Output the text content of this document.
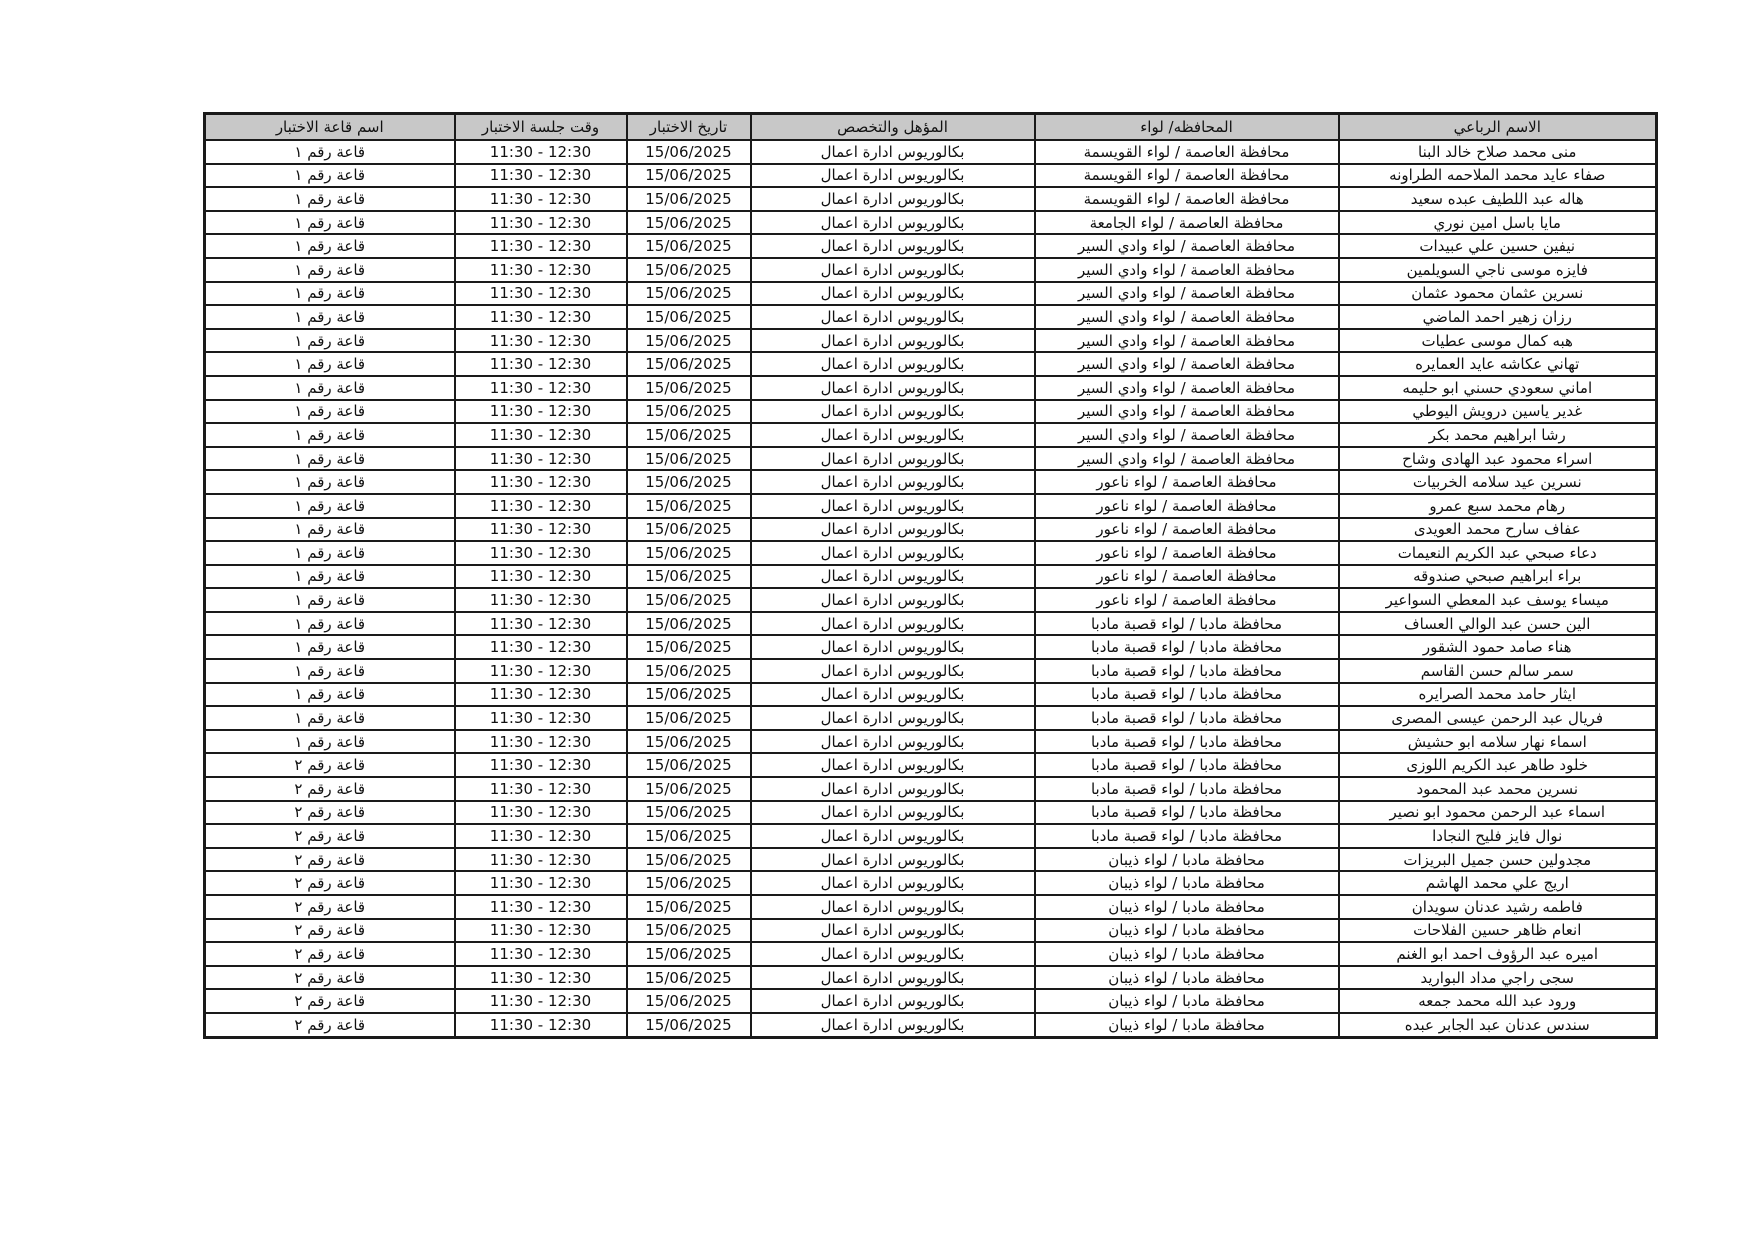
الاسم الرباعي	المحافظه/ لواء	المؤهل والتخصص	تاريخ الاختبار	وقت جلسة الاختبار	اسم قاعة الاختبار
منى محمد صلاح خالد البنا	محافظة العاصمة / لواء القويسمة	بكالوريوس ادارة اعمال	15/06/2025	11:30 - 12:30	قاعة رقم ١
صفاء عايد محمد الملاحمه الطراونه	محافظة العاصمة / لواء القويسمة	بكالوريوس ادارة اعمال	15/06/2025	11:30 - 12:30	قاعة رقم ١
هاله عبد اللطيف عبده سعيد	محافظة العاصمة / لواء القويسمة	بكالوريوس ادارة اعمال	15/06/2025	11:30 - 12:30	قاعة رقم ١
مايا باسل امين نوري	محافظة العاصمة / لواء الجامعة	بكالوريوس ادارة اعمال	15/06/2025	11:30 - 12:30	قاعة رقم ١
نيفين حسين علي عبيدات	محافظة العاصمة / لواء وادي السير	بكالوريوس ادارة اعمال	15/06/2025	11:30 - 12:30	قاعة رقم ١
فايزه موسى ناجي السويلمين	محافظة العاصمة / لواء وادي السير	بكالوريوس ادارة اعمال	15/06/2025	11:30 - 12:30	قاعة رقم ١
نسرين عثمان محمود عثمان	محافظة العاصمة / لواء وادي السير	بكالوريوس ادارة اعمال	15/06/2025	11:30 - 12:30	قاعة رقم ١
رزان زهير احمد الماضي	محافظة العاصمة / لواء وادي السير	بكالوريوس ادارة اعمال	15/06/2025	11:30 - 12:30	قاعة رقم ١
هبه كمال موسى عطيات	محافظة العاصمة / لواء وادي السير	بكالوريوس ادارة اعمال	15/06/2025	11:30 - 12:30	قاعة رقم ١
تهاني عكاشه عايد العمايره	محافظة العاصمة / لواء وادي السير	بكالوريوس ادارة اعمال	15/06/2025	11:30 - 12:30	قاعة رقم ١
اماني سعودي حسني ابو حليمه	محافظة العاصمة / لواء وادي السير	بكالوريوس ادارة اعمال	15/06/2025	11:30 - 12:30	قاعة رقم ١
غدير ياسين درويش اليوطي	محافظة العاصمة / لواء وادي السير	بكالوريوس ادارة اعمال	15/06/2025	11:30 - 12:30	قاعة رقم ١
رشا ابراهيم محمد بكر	محافظة العاصمة / لواء وادي السير	بكالوريوس ادارة اعمال	15/06/2025	11:30 - 12:30	قاعة رقم ١
اسراء محمود عبد الهادى وشاح	محافظة العاصمة / لواء وادي السير	بكالوريوس ادارة اعمال	15/06/2025	11:30 - 12:30	قاعة رقم ١
نسرين عيد سلامه الخربيات	محافظة العاصمة / لواء ناعور	بكالوريوس ادارة اعمال	15/06/2025	11:30 - 12:30	قاعة رقم ١
رهام محمد سبع عمرو	محافظة العاصمة / لواء ناعور	بكالوريوس ادارة اعمال	15/06/2025	11:30 - 12:30	قاعة رقم ١
عفاف سارح محمد العويدى	محافظة العاصمة / لواء ناعور	بكالوريوس ادارة اعمال	15/06/2025	11:30 - 12:30	قاعة رقم ١
دعاء صبحي عبد الكريم النعيمات	محافظة العاصمة / لواء ناعور	بكالوريوس ادارة اعمال	15/06/2025	11:30 - 12:30	قاعة رقم ١
براء ابراهيم صبحي صندوقه	محافظة العاصمة / لواء ناعور	بكالوريوس ادارة اعمال	15/06/2025	11:30 - 12:30	قاعة رقم ١
ميساء يوسف عبد المعطي السواعير	محافظة العاصمة / لواء ناعور	بكالوريوس ادارة اعمال	15/06/2025	11:30 - 12:30	قاعة رقم ١
الين حسن عبد الوالي العساف	محافظة مادبا / لواء قصبة مادبا	بكالوريوس ادارة اعمال	15/06/2025	11:30 - 12:30	قاعة رقم ١
هناء صامد حمود الشقور	محافظة مادبا / لواء قصبة مادبا	بكالوريوس ادارة اعمال	15/06/2025	11:30 - 12:30	قاعة رقم ١
سمر سالم حسن القاسم	محافظة مادبا / لواء قصبة مادبا	بكالوريوس ادارة اعمال	15/06/2025	11:30 - 12:30	قاعة رقم ١
ايثار حامد محمد الصرايره	محافظة مادبا / لواء قصبة مادبا	بكالوريوس ادارة اعمال	15/06/2025	11:30 - 12:30	قاعة رقم ١
فريال عبد الرحمن عيسى المصرى	محافظة مادبا / لواء قصبة مادبا	بكالوريوس ادارة اعمال	15/06/2025	11:30 - 12:30	قاعة رقم ١
اسماء نهار سلامه ابو حشيش	محافظة مادبا / لواء قصبة مادبا	بكالوريوس ادارة اعمال	15/06/2025	11:30 - 12:30	قاعة رقم ١
خلود طاهر عبد الكريم اللوزى	محافظة مادبا / لواء قصبة مادبا	بكالوريوس ادارة اعمال	15/06/2025	11:30 - 12:30	قاعة رقم ٢
نسرين محمد عبد المحمود	محافظة مادبا / لواء قصبة مادبا	بكالوريوس ادارة اعمال	15/06/2025	11:30 - 12:30	قاعة رقم ٢
اسماء عبد الرحمن محمود ابو نصير	محافظة مادبا / لواء قصبة مادبا	بكالوريوس ادارة اعمال	15/06/2025	11:30 - 12:30	قاعة رقم ٢
نوال فايز فليح النجادا	محافظة مادبا / لواء قصبة مادبا	بكالوريوس ادارة اعمال	15/06/2025	11:30 - 12:30	قاعة رقم ٢
مجدولين حسن جميل البريزات	محافظة مادبا / لواء ذيبان	بكالوريوس ادارة اعمال	15/06/2025	11:30 - 12:30	قاعة رقم ٢
اريج علي محمد الهاشم	محافظة مادبا / لواء ذيبان	بكالوريوس ادارة اعمال	15/06/2025	11:30 - 12:30	قاعة رقم ٢
فاطمه رشيد عدنان سويدان	محافظة مادبا / لواء ذيبان	بكالوريوس ادارة اعمال	15/06/2025	11:30 - 12:30	قاعة رقم ٢
انعام ظاهر حسين الفلاحات	محافظة مادبا / لواء ذيبان	بكالوريوس ادارة اعمال	15/06/2025	11:30 - 12:30	قاعة رقم ٢
اميره عبد الرؤوف احمد ابو الغنم	محافظة مادبا / لواء ذيبان	بكالوريوس ادارة اعمال	15/06/2025	11:30 - 12:30	قاعة رقم ٢
سجى راجي مداد البواريد	محافظة مادبا / لواء ذيبان	بكالوريوس ادارة اعمال	15/06/2025	11:30 - 12:30	قاعة رقم ٢
ورود عبد الله محمد جمعه	محافظة مادبا / لواء ذيبان	بكالوريوس ادارة اعمال	15/06/2025	11:30 - 12:30	قاعة رقم ٢
سندس عدنان عبد الجابر عبده	محافظة مادبا / لواء ذيبان	بكالوريوس ادارة اعمال	15/06/2025	11:30 - 12:30	قاعة رقم ٢
